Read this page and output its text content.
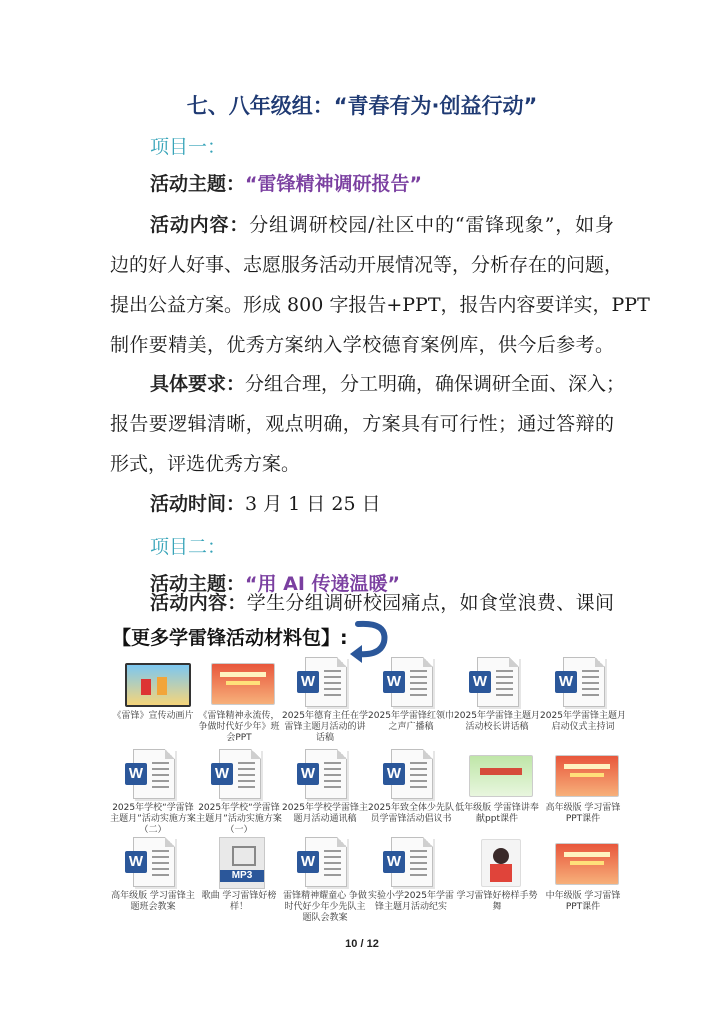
七、八年级组：“青春有为·创益行动”
项目一：
活动主题：“雷锋精神调研报告”
活动内容：分组调研校园/社区中的“雷锋现象”，如身
边的好人好事、志愿服务活动开展情况等，分析存在的问题，
提出公益方案。形成 800 字报告+PPT，报告内容要详实，PPT
制作要精美，优秀方案纳入学校德育案例库，供今后参考。
具体要求：分组合理，分工明确，确保调研全面、深入；
报告要逻辑清晰，观点明确，方案具有可行性；通过答辩的
形式，评选优秀方案。
活动时间：3 月 1 日 25 日
项目二：
活动主题：“用 AI 传递温暖”
活动内容：学生分组调研校园痛点，如食堂浪费、课间
【更多学雷锋活动材料包】:
《雷锋》宣传动画片 《雷锋精神永流传，争做时代好少年》班会PPT
W
2025年德育主任在学雷锋主题月活动的讲话稿
W
2025年学雷锋红领巾之声广播稿
W
2025年学雷锋主题月活动校长讲话稿
W
2025年学雷锋主题月启动仪式主持词
W
2025年学校“学雷锋主题月”活动实施方案（二）
W
2025年学校“学雷锋主题月”活动实施方案（一）
W
2025年学校学雷锋主题月活动通讯稿
W
2025年致全体少先队员学雷锋活动倡议书
低年级版 学雷锋讲奉献ppt课件
高年级版 学习雷锋PPT课件
W
高年级版 学习雷锋主题班会教案
MP3
歌曲 学习雷锋好榜样！
W
雷锋精神耀童心 争做时代好少年少先队主题队会教案
W
实验小学2025年学雷锋主题月活动纪实
学习雷锋好榜样手势舞
中年级版 学习雷锋PPT课件
10 / 12
